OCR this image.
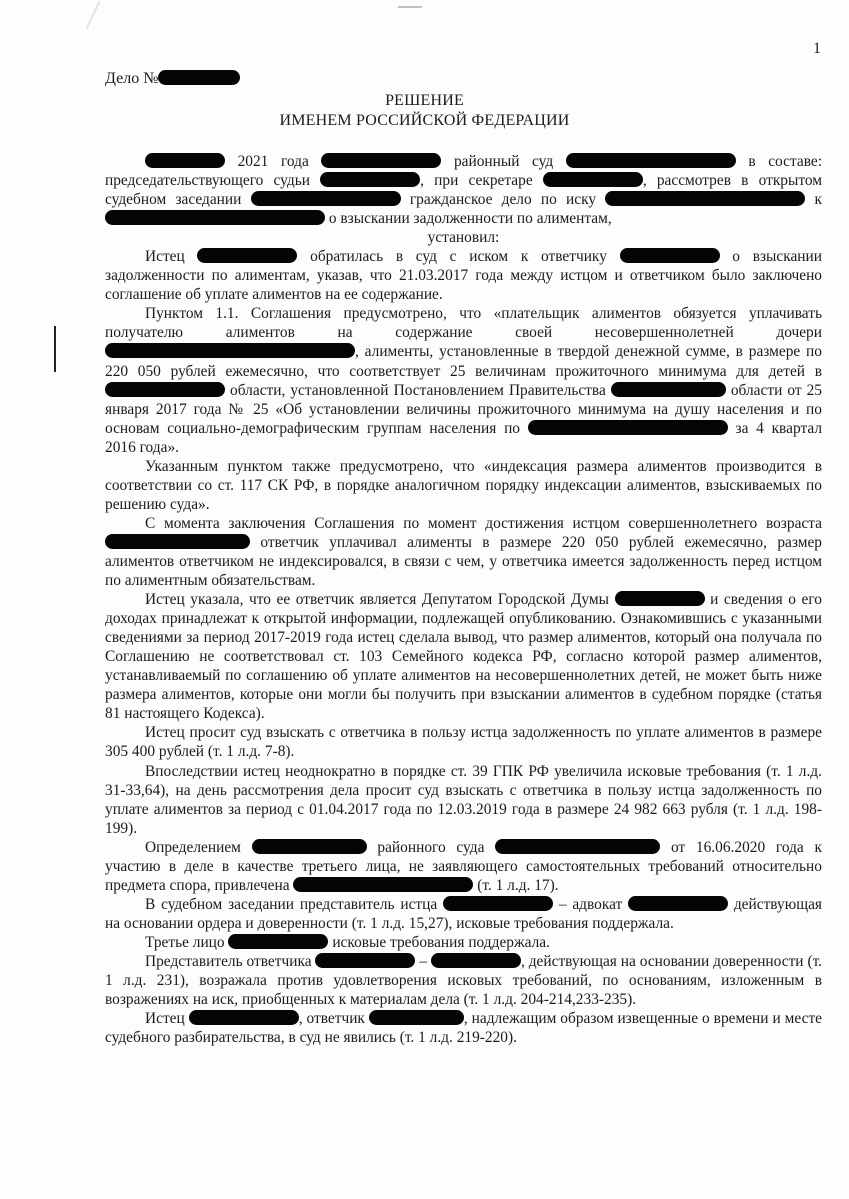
1
Дело №
РЕШЕНИЕ
ИМЕНЕМ РОССИЙСКОЙ ФЕДЕРАЦИИ

2021 года	районный суд	в составе: председательствующего судьи	, при секретаре	, рассмотрев в открытом судебном заседании	гражданское дело по иску	к  о взыскании задолженности по алиментам,

установил:

Истец	обратилась в суд с иском к ответчику	о взыскании задолженности по алиментам, указав, что 21.03.2017 года между истцом и ответчиком было заключено соглашение об уплате алиментов на ее содержание.

Пунктом 1.1. Соглашения предусмотрено, что «плательщик алиментов обязуется уплачивать получателю алиментов на содержание своей несовершеннолетней дочери , алименты, установленные в твердой денежной сумме, в размере по 220 050 рублей ежемесячно, что соответствует 25 величинам прожиточного минимума для детей в  области, установленной Постановлением Правительства	области от 25 января 2017 года № 25 «Об установлении величины прожиточного минимума на душу населения и по основам социально-демографическим группам населения по	за 4 квартал 2016 года».

Указанным пунктом также предусмотрено, что «индексация размера алиментов производится в соответствии со ст. 117 СК РФ, в порядке аналогичном порядку индексации алиментов, взыскиваемых по решению суда».

С момента заключения Соглашения по момент достижения истцом совершеннолетнего возраста  ответчик уплачивал алименты в размере 220 050 рублей ежемесячно, размер алиментов ответчиком не индексировался, в связи с чем, у ответчика имеется задолженность перед истцом по алиментным обязательствам.

Истец указала, что ее ответчик является Депутатом Городской Думы	и сведения о его доходах принадлежат к открытой информации, подлежащей опубликованию. Ознакомившись с указанными сведениями за период 2017-2019 года истец сделала вывод, что размер алиментов, который она получала по Соглашению не соответствовал ст. 103 Семейного кодекса РФ, согласно которой размер алиментов, устанавливаемый по соглашению об уплате алиментов на несовершеннолетних детей, не может быть ниже размера алиментов, которые они могли бы получить при взыскании алиментов в судебном порядке (статья 81 настоящего Кодекса).

Истец просит суд взыскать с ответчика в пользу истца задолженность по уплате алиментов в размере 305 400 рублей (т. 1 л.д. 7-8).

Впоследствии истец неоднократно в порядке ст. 39 ГПК РФ увеличила исковые требования (т. 1 л.д. 31-33,64), на день рассмотрения дела просит суд взыскать с ответчика в пользу истца задолженность по уплате алиментов за период с 01.04.2017 года по 12.03.2019 года в размере 24 982 663 рубля (т. 1 л.д. 198-199).

Определением	районного суда	от 16.06.2020 года к участию в деле в качестве третьего лица, не заявляющего самостоятельных требований относительно предмета спора, привлечена	(т. 1 л.д. 17).

В судебном заседании представитель истца	– адвокат	действующая на основании ордера и доверенности (т. 1 л.д. 15,27), исковые требования поддержала.

Третье лицо	исковые требования поддержала.

Представитель ответчика	–	, действующая на основании доверенности (т. 1 л.д. 231), возражала против удовлетворения исковых требований, по основаниям, изложенным в возражениях на иск, приобщенных к материалам дела (т. 1 л.д. 204-214,233-235).

Истец	, ответчик	, надлежащим образом извещенные о времени и месте судебного разбирательства, в суд не явились (т. 1 л.д. 219-220).
